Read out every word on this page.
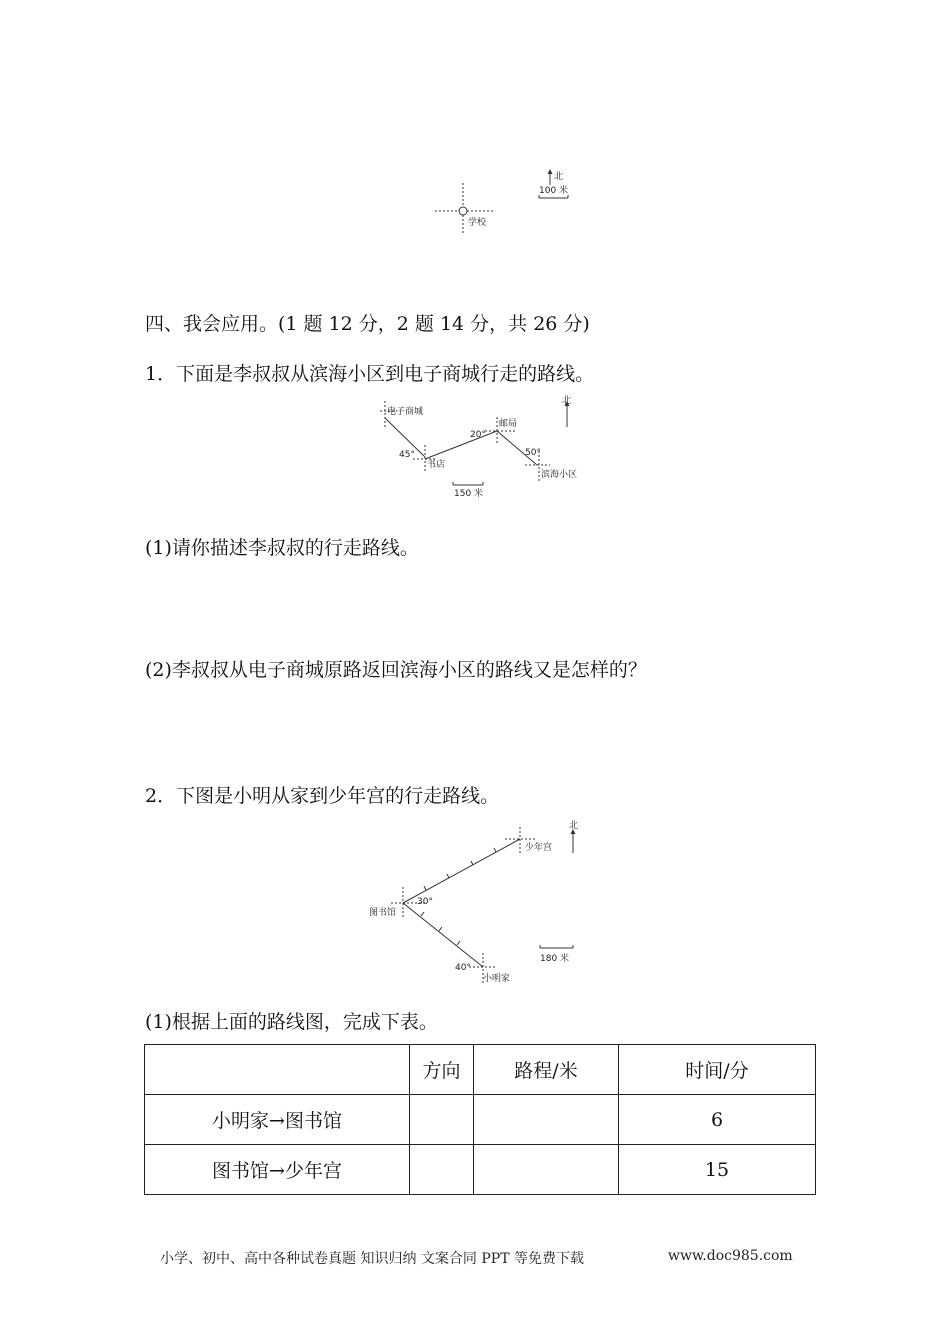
学校
北
100 米
四、我会应用。(1 题 12 分，2 题 14 分，共 26 分)
1．下面是李叔叔从滨海小区到电子商城行走的路线。
电子商城
45°
书店
20°
邮局
50°
滨海小区
北
150 米
(1)请你描述李叔叔的行走路线。
(2)李叔叔从电子商城原路返回滨海小区的路线又是怎样的？
2．下图是小明从家到少年宫的行走路线。
少年宫
图书馆
30°
40°
小明家
北
180 米
(1)根据上面的路线图，完成下表。
	方向	路程/米	时间/分
小明家→图书馆			6
图书馆→少年宫			15
小学、初中、高中各种试卷真题 知识归纳 文案合同 PPT 等免费下载	www.doc985.com
